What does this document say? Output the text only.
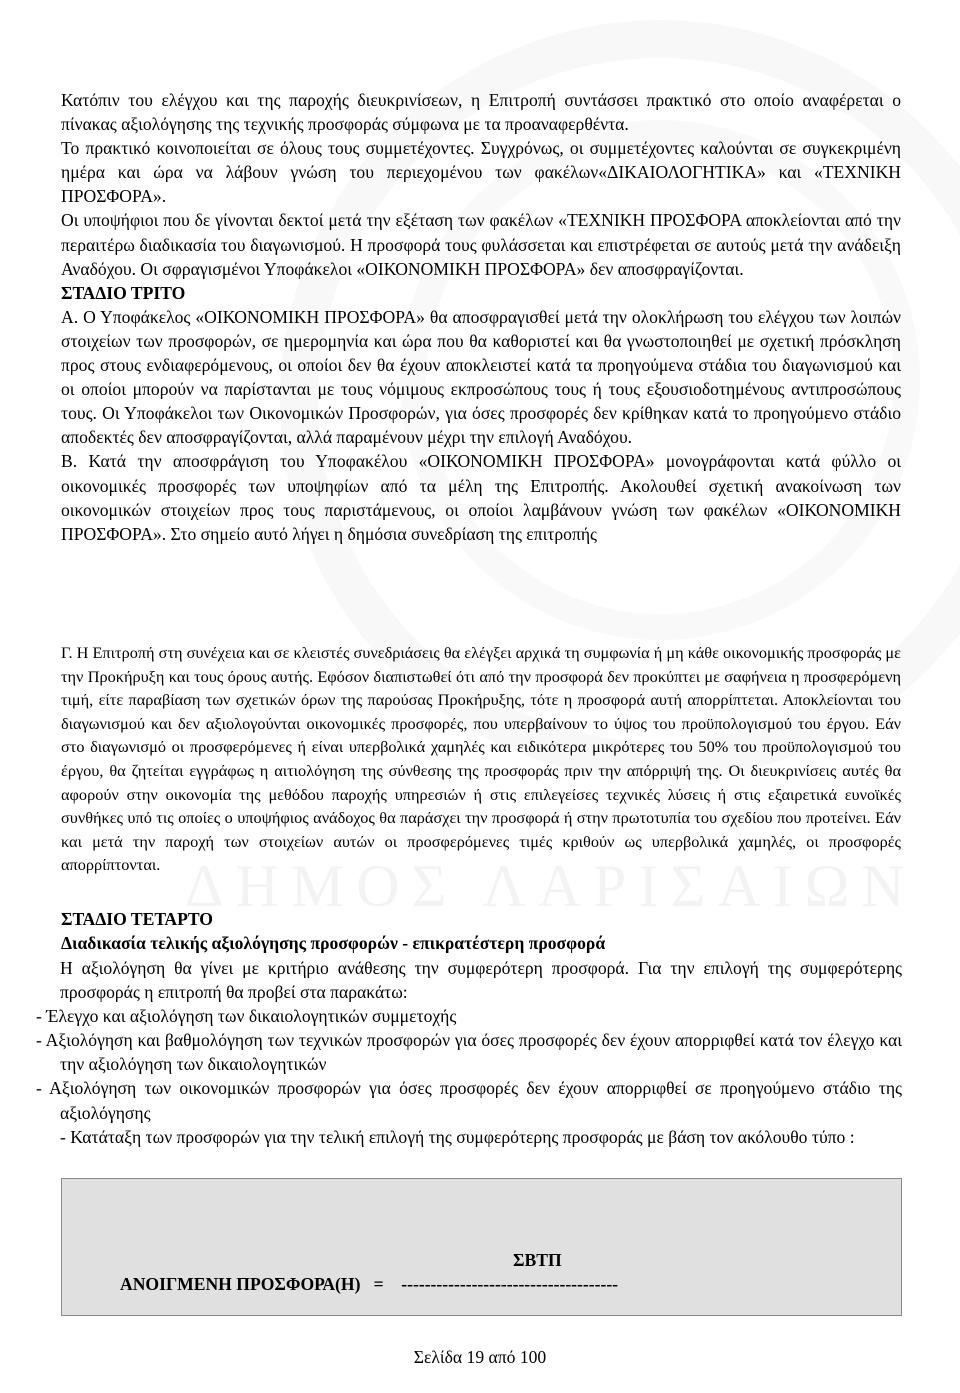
ΔΗΜΟΣ ΛΑΡΙΣΑΙΩΝ

Κατόπιν του ελέγχου και της παροχής διευκρινίσεων, η Επιτροπή συντάσσει πρακτικό στο οποίο αναφέρεται ο πίνακας αξιολόγησης της τεχνικής προσφοράς σύμφωνα με τα προαναφερθέντα.

Το πρακτικό κοινοποιείται σε όλους τους συμμετέχοντες. Συγχρόνως, οι συμμετέχοντες καλούνται σε συγκεκριμένη ημέρα και ώρα να λάβουν γνώση του περιεχομένου των φακέλων«ΔΙΚΑΙΟΛΟΓΗΤΙΚΑ» και «ΤΕΧΝΙΚΗ ΠΡΟΣΦΟΡΑ».

Οι υποψήφιοι που δε γίνονται δεκτοί μετά την εξέταση των φακέλων «ΤΕΧΝΙΚΗ ΠΡΟΣΦΟΡΑ αποκλείονται από την περαιτέρω διαδικασία του διαγωνισμού. Η προσφορά τους φυλάσσεται και επιστρέφεται σε αυτούς μετά την ανάδειξη Αναδόχου. Οι σφραγισμένοι Υποφάκελοι «ΟΙΚΟΝΟΜΙΚΗ ΠΡΟΣΦΟΡΑ» δεν αποσφραγίζονται.

ΣΤΑΔΙΟ ΤΡΙΤΟ

Α. Ο Υποφάκελος «ΟΙΚΟΝΟΜΙΚΗ ΠΡΟΣΦΟΡΑ» θα αποσφραγισθεί μετά την ολοκλήρωση του ελέγχου των λοιπών στοιχείων των προσφορών, σε ημερομηνία και ώρα που θα καθοριστεί και θα γνωστοποιηθεί με σχετική πρόσκληση προς στους ενδιαφερόμενους, οι οποίοι δεν θα έχουν αποκλειστεί κατά τα προηγούμενα στάδια του διαγωνισμού και οι οποίοι μπορούν να παρίστανται με τους νόμιμους εκπροσώπους τους ή τους εξουσιοδοτημένους αντιπροσώπους τους. Οι Υποφάκελοι των Οικονομικών Προσφορών, για όσες προσφορές δεν κρίθηκαν κατά το προηγούμενο στάδιο αποδεκτές δεν αποσφραγίζονται, αλλά παραμένουν μέχρι την επιλογή Αναδόχου.

Β. Κατά την αποσφράγιση του Υποφακέλου «ΟΙΚΟΝΟΜΙΚΗ ΠΡΟΣΦΟΡΑ» μονογράφονται κατά φύλλο οι οικονομικές προσφορές των υποψηφίων από τα μέλη της Επιτροπής. Ακολουθεί σχετική ανακοίνωση των οικονομικών στοιχείων προς τους παριστάμενους, οι οποίοι λαμβάνουν γνώση των φακέλων «ΟΙΚΟΝΟΜΙΚΗ ΠΡΟΣΦΟΡΑ». Στο σημείο αυτό λήγει η δημόσια συνεδρίαση της επιτροπής

Γ. Η Επιτροπή στη συνέχεια και σε κλειστές συνεδριάσεις θα ελέγξει αρχικά τη συμφωνία ή μη κάθε οικονομικής προσφοράς με την Προκήρυξη και τους όρους αυτής. Εφόσον διαπιστωθεί ότι από την προσφορά δεν προκύπτει με σαφήνεια η προσφερόμενη τιμή, είτε παραβίαση των σχετικών όρων της παρούσας Προκήρυξης, τότε η προσφορά αυτή απορρίπτεται. Αποκλείονται του διαγωνισμού και δεν αξιολογούνται οικονομικές προσφορές, που υπερβαίνουν το ύψος του προϋπολογισμού του έργου. Εάν στο διαγωνισμό οι προσφερόμενες ή είναι υπερβολικά χαμηλές και ειδικότερα μικρότερες του 50% του προϋπολογισμού του έργου, θα ζητείται εγγράφως η αιτιολόγηση της σύνθεσης της προσφοράς πριν την απόρριψή της. Οι διευκρινίσεις αυτές θα αφορούν στην οικονομία της μεθόδου παροχής υπηρεσιών ή στις επιλεγείσες τεχνικές λύσεις ή στις εξαιρετικά ευνοϊκές συνθήκες υπό τις οποίες ο υποψήφιος ανάδοχος θα παράσχει την προσφορά ή στην πρωτοτυπία του σχεδίου που προτείνει. Εάν και μετά την παροχή των στοιχείων αυτών οι προσφερόμενες τιμές κριθούν ως υπερβολικά χαμηλές, οι προσφορές απορρίπτονται.

ΣΤΑΔΙΟ ΤΕΤΑΡΤΟ

Διαδικασία τελικής αξιολόγησης προσφορών - επικρατέστερη προσφορά

Η αξιολόγηση θα γίνει με κριτήριο ανάθεσης την συμφερότερη προσφορά. Για την επιλογή της συμφερότερης προσφοράς η επιτροπή θα προβεί στα παρακάτω:

- Έλεγχο και αξιολόγηση των δικαιολογητικών συμμετοχής

- Αξιολόγηση και βαθμολόγηση των τεχνικών προσφορών για όσες προσφορές δεν έχουν απορριφθεί κατά τον έλεγχο και την αξιολόγηση των δικαιολογητικών

- Αξιολόγηση των οικονομικών προσφορών για όσες προσφορές δεν έχουν απορριφθεί σε προηγούμενο στάδιο της αξιολόγησης

- Κατάταξη των προσφορών για την τελική επιλογή της συμφερότερης προσφοράς με βάση τον ακόλουθο τύπο :

ΣΒΤΠ
ΑΝΟΙΓΜΕΝΗ ΠΡΟΣΦΟΡΑ(Η) = -------------------------------------
Σελίδα 19 από 100
